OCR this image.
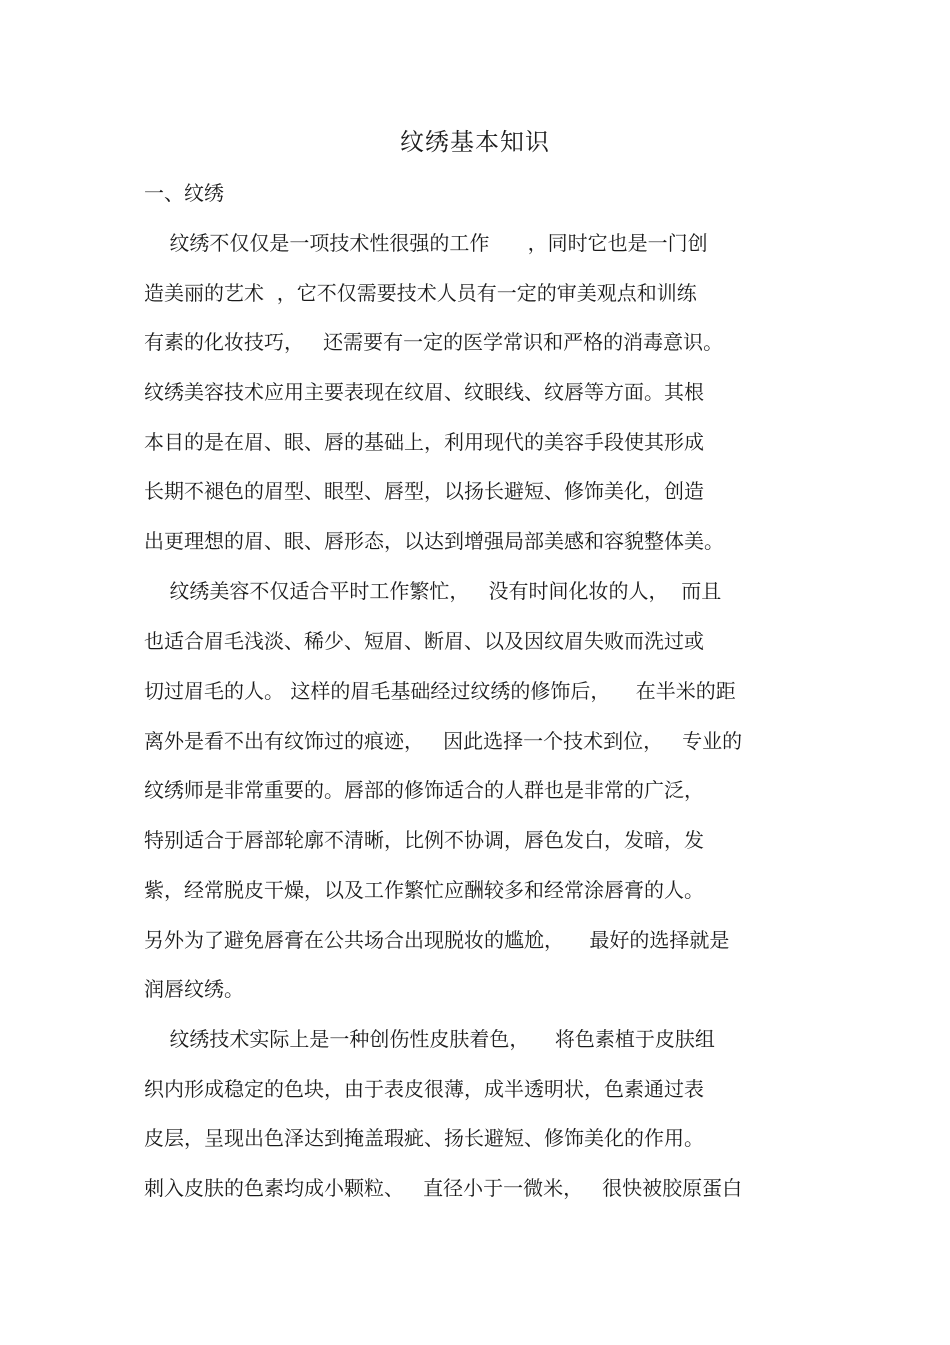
纹绣基本知识
一、纹绣
纹绣不仅仅是一项技术性很强的工作      ，同时它也是一门创
造美丽的艺术  ，它不仅需要技术人员有一定的审美观点和训练
有素的化妆技巧，   还需要有一定的医学常识和严格的消毒意识。
纹绣美容技术应用主要表现在纹眉、纹眼线、纹唇等方面。其根
本目的是在眉、眼、唇的基础上，利用现代的美容手段使其形成
长期不褪色的眉型、眼型、唇型，以扬长避短、修饰美化，创造
出更理想的眉、眼、唇形态，以达到增强局部美感和容貌整体美。
纹绣美容不仅适合平时工作繁忙，   没有时间化妆的人，  而且
也适合眉毛浅淡、稀少、短眉、断眉、以及因纹眉失败而洗过或
切过眉毛的人。 这样的眉毛基础经过纹绣的修饰后，    在半米的距
离外是看不出有纹饰过的痕迹，   因此选择一个技术到位，   专业的
纹绣师是非常重要的。唇部的修饰适合的人群也是非常的广泛，
特别适合于唇部轮廓不清晰，比例不协调，唇色发白，发暗，发
紫，经常脱皮干燥，以及工作繁忙应酬较多和经常涂唇膏的人。
另外为了避免唇膏在公共场合出现脱妆的尴尬，    最好的选择就是
润唇纹绣。
纹绣技术实际上是一种创伤性皮肤着色，    将色素植于皮肤组
织内形成稳定的色块，由于表皮很薄，成半透明状，色素通过表
皮层，呈现出色泽达到掩盖瑕疵、扬长避短、修饰美化的作用。
刺入皮肤的色素均成小颗粒、   直径小于一微米，   很快被胶原蛋白
